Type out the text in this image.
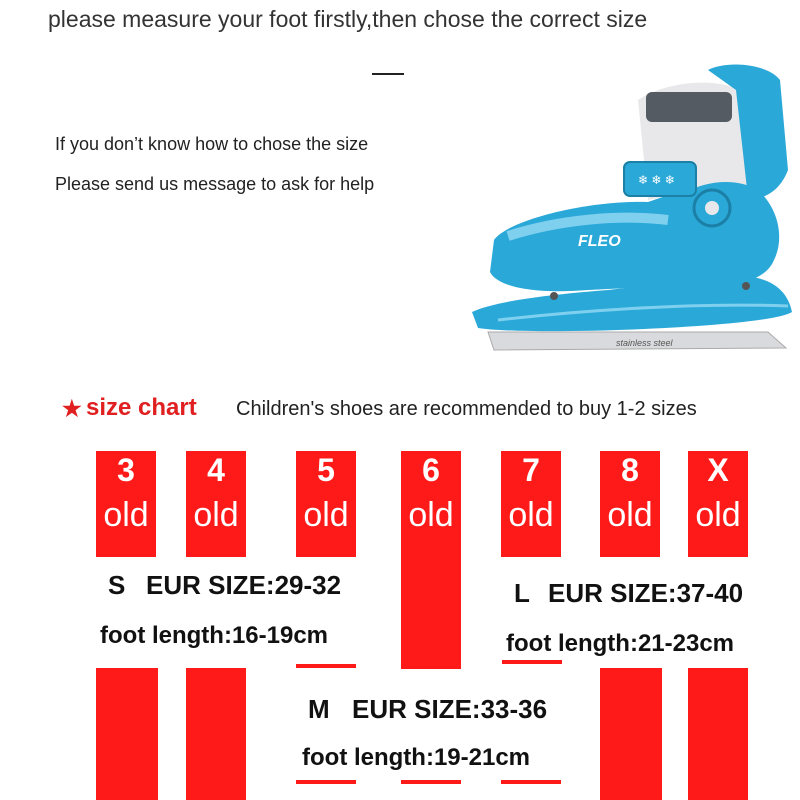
please measure your foot firstly,then chose the correct size
If you don’t know how to chose the size
Please send us message to ask for help
stainless steel
❄ ❄ ❄
FLEO
★ size chart Children's shoes are recommended to buy 1-2 sizes
3
old
4
old
5
old
6
old
7
old
8
old
X
old
S EUR SIZE:29-32
foot length:16-19cm
L EUR SIZE:37-40
foot length:21-23cm
M EUR SIZE:33-36
foot length:19-21cm
